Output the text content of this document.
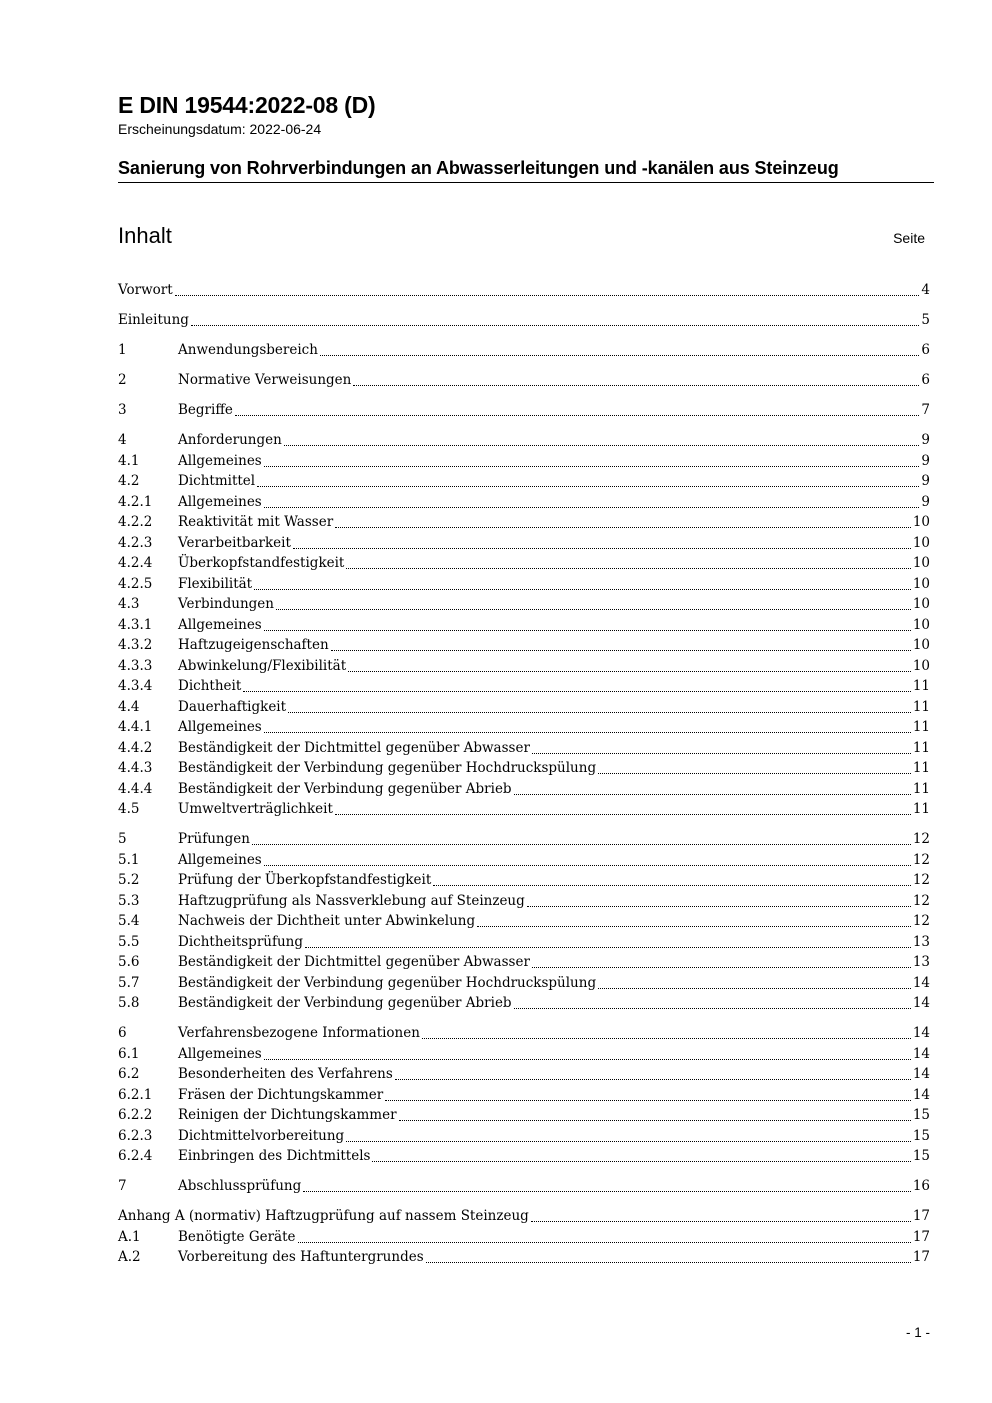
E DIN 19544:2022-08 (D)
Erscheinungsdatum: 2022-06-24
Sanierung von Rohrverbindungen an Abwasserleitungen und -kanälen aus Steinzeug
Inhalt	Seite
Vorwort	4
Einleitung	5
1	Anwendungsbereich	6
2	Normative Verweisungen	6
3	Begriffe	7
4	Anforderungen	9
4.1	Allgemeines	9
4.2	Dichtmittel	9
4.2.1	Allgemeines	9
4.2.2	Reaktivität mit Wasser	10
4.2.3	Verarbeitbarkeit	10
4.2.4	Überkopfstandfestigkeit	10
4.2.5	Flexibilität	10
4.3	Verbindungen	10
4.3.1	Allgemeines	10
4.3.2	Haftzugeigenschaften	10
4.3.3	Abwinkelung/Flexibilität	10
4.3.4	Dichtheit	11
4.4	Dauerhaftigkeit	11
4.4.1	Allgemeines	11
4.4.2	Beständigkeit der Dichtmittel gegenüber Abwasser	11
4.4.3	Beständigkeit der Verbindung gegenüber Hochdruckspülung	11
4.4.4	Beständigkeit der Verbindung gegenüber Abrieb	11
4.5	Umweltverträglichkeit	11
5	Prüfungen	12
5.1	Allgemeines	12
5.2	Prüfung der Überkopfstandfestigkeit	12
5.3	Haftzugprüfung als Nassverklebung auf Steinzeug	12
5.4	Nachweis der Dichtheit unter Abwinkelung	12
5.5	Dichtheitsprüfung	13
5.6	Beständigkeit der Dichtmittel gegenüber Abwasser	13
5.7	Beständigkeit der Verbindung gegenüber Hochdruckspülung	14
5.8	Beständigkeit der Verbindung gegenüber Abrieb	14
6	Verfahrensbezogene Informationen	14
6.1	Allgemeines	14
6.2	Besonderheiten des Verfahrens	14
6.2.1	Fräsen der Dichtungskammer	14
6.2.2	Reinigen der Dichtungskammer	15
6.2.3	Dichtmittelvorbereitung	15
6.2.4	Einbringen des Dichtmittels	15
7	Abschlussprüfung	16
Anhang A (normativ) Haftzugprüfung auf nassem Steinzeug	17
A.1	Benötigte Geräte	17
A.2	Vorbereitung des Haftuntergrundes	17
- 1 -
